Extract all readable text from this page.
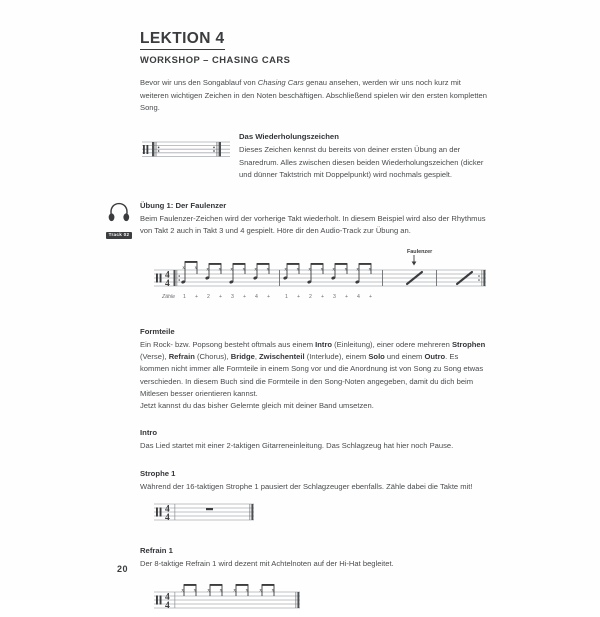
LEKTION 4
WORKSHOP – CHASING CARS

Bevor wir uns den Songablauf von Chasing Cars genau ansehen, werden wir uns noch kurz mit weiteren wichtigen Zeichen in den Noten beschäftigen. Abschließend spielen wir den ersten kompletten Song.

Das Wiederholungszeichen

Dieses Zeichen kennst du bereits von deiner ersten Übung an der Snaredrum. Alles zwischen diesen beiden Wiederholungszeichen (dicker und dünner Taktstrich mit Doppelpunkt) wird nochmals gespielt.

Track 02
Übung 1: Der Faulenzer

Beim Faulenzer-Zeichen wird der vorherige Takt wiederholt. In diesem Beispiel wird also der Rhythmus von Takt 2 auch in Takt 3 und 4 gespielt. Höre dir den Audio-Track zur Übung an.

Faulenzer
4
4
x x x x x x x x	x x x x x x x x
Zähle 1 + 2 + 3 + 4 +	1 + 2 + 3 + 4 +
Formteile

Ein Rock- bzw. Popsong besteht oftmals aus einem Intro (Einleitung), einer odere mehreren Strophen (Verse), Refrain (Chorus), Bridge, Zwischenteil (Interlude), einem Solo und einem Outro. Es kommen nicht immer alle Formteile in einem Song vor und die Anordnung ist von Song zu Song etwas verschieden. In diesem Buch sind die Formteile in den Song-Noten angegeben, damit du dich beim Mitlesen besser orientieren kannst.

Jetzt kannst du das bisher Gelernte gleich mit deiner Band umsetzen.

Intro

Das Lied startet mit einer 2-taktigen Gitarreneinleitung. Das Schlagzeug hat hier noch Pause.

Strophe 1

Während der 16-taktigen Strophe 1 pausiert der Schlagzeuger ebenfalls. Zähle dabei die Takte mit!

4
4
Refrain 1

Der 8-taktige Refrain 1 wird dezent mit Achtelnoten auf der Hi-Hat begleitet.

4
4
x x x x x x x x
20
